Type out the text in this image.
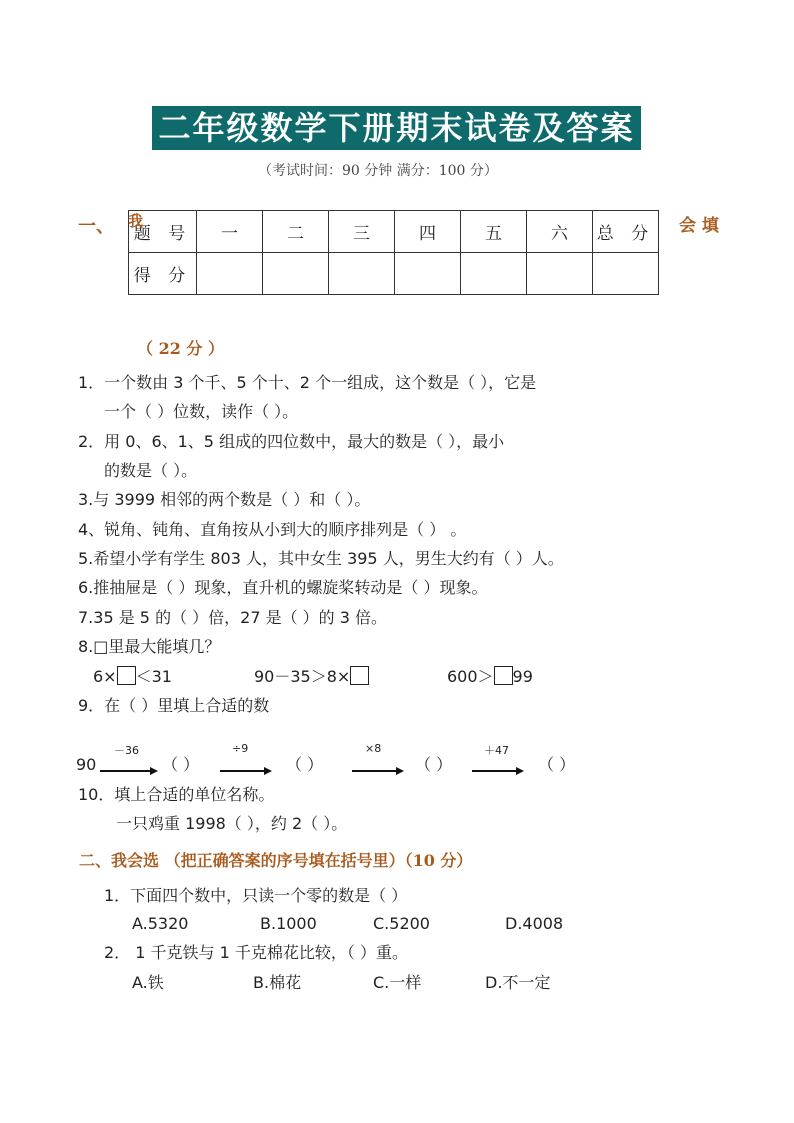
二年级数学下册期末试卷及答案
（考试时间：90 分钟 满分：100 分）
一、 题 号	一	二	三	四	五	六	总 分
得 分							
我	会 填
（ 22 分 ）
1．一个数由 3 个千、5 个十、2 个一组成，这个数是（ ），它是
一个（ ）位数，读作（ ）。
2．用 0、6、1、5 组成的四位数中，最大的数是（ ），最小
的数是（ ）。
3.与 3999 相邻的两个数是（ ）和（ ）。
4、锐角、钝角、直角按从小到大的顺序排列是（ ） 。
5.希望小学有学生 803 人，其中女生 395 人，男生大约有（ ）人。
6.推抽屉是（ ）现象，直升机的螺旋桨转动是（ ）现象。
7.35 是 5 的（ ）倍，27 是（ ）的 3 倍。
8.□里最大能填几？
6× ＜31	90－35＞8×	600＞ 99
9．在（ ）里填上合适的数
90
－36
（ ）
÷9
（ ）
×8
（ ）
＋47
（ ）
10．填上合适的单位名称。
一只鸡重 1998（ ），约 2（ ）。
二、我会选 （把正确答案的序号填在括号里）（10 分）
1．下面四个数中，只读一个零的数是（ ）
A.5320	B.1000	C.5200	D.4008
2． 1 千克铁与 1 千克棉花比较，（ ）重。
A.铁	B.棉花	C.一样	D.不一定
